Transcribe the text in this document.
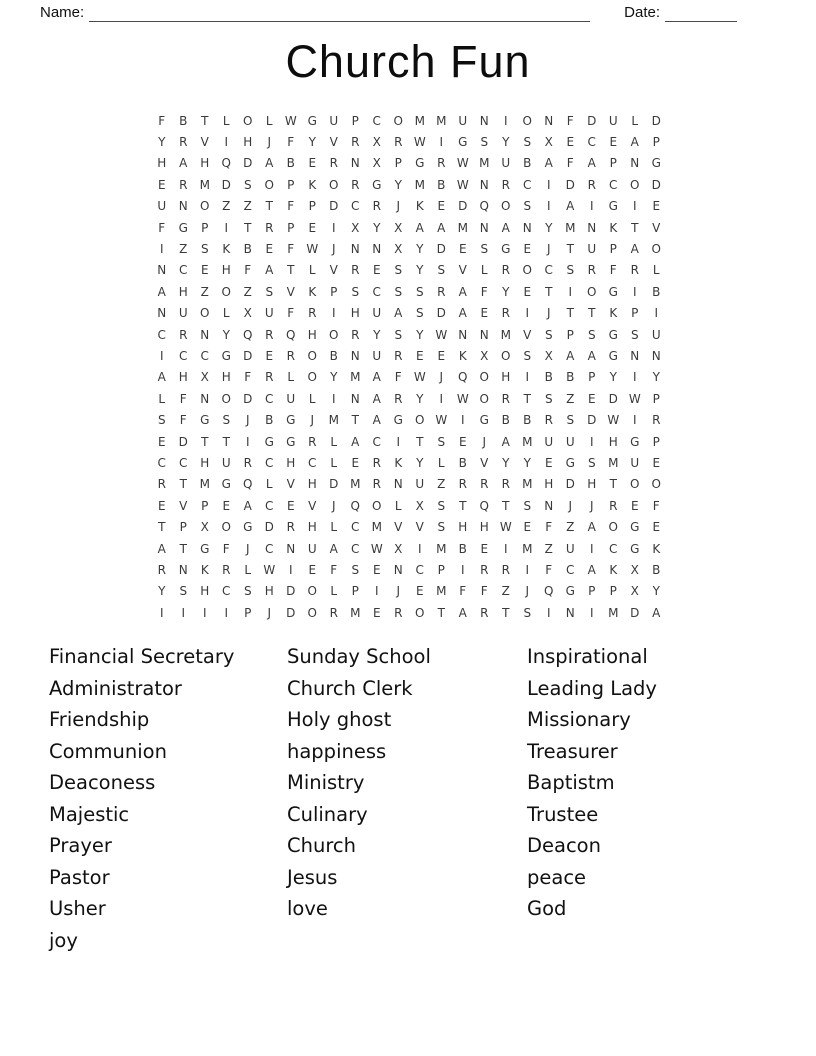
Name:	Date:
Church Fun
F	B	T	L	O	L	W G	U	P	C	O M M U	N	I	O	N	F	D	U	L	D
Y	R	V	I	H	J	F	Y	V	R	X	R W	I	G	S	Y	S	X	E	C	E	A	P
H	A	H	Q	D	A	B	E	R	N	X	P	G	R W M U	B	A	F	A	P	N	G
E	R	M D	S	O	P	K	O	R	G	Y	M	B W N	R	C	I	D	R	C	O	D
U	N	O	Z	Z	T	F	P	D	C	R	J	K	E	D	Q	O	S	I	A	I	G	I	E
F	G	P	I	T	R	P	E	I	X	Y	X	A	A	M N	A	N	Y	M N	K	T	V
I	Z	S	K	B	E	F	W	J	N	N	X	Y	D	E	S	G	E	J	T	U	P	A	O
N	C	E	H	F	A	T	L	V	R	E	S	Y	S	V	L	R	O	C	S	R	F	R	L
A	H	Z	O	Z	S	V	K	P	S	C	S	S	R	A	F	Y	E	T	I	O	G	I	B
N	U	O	L	X	U	F	R	I	H	U	A	S	D	A	E	R	I	J	T	T	K	P	I
C	R	N	Y	Q	R	Q	H	O	R	Y	S	Y W N	N M	V	S	P	S	G	S	U
I	C	C	G	D	E	R	O	B	N	U	R	E	E	K	X	O	S	X	A	A	G	N	N
A	H	X	H	F	R	L	O	Y	M	A	F	W	J	Q	O	H	I	B	B	P	Y	I	Y
L	F	N	O	D	C	U	L	I	N	A	R	Y	I	W O	R	T	S	Z	E	D W P
S	F	G	S	J	B	G	J	M	T	A	G	O W	I	G	B	B	R	S	D W	I	R
E	D	T	T	I	G	G	R	L	A	C	I	T	S	E	J	A	M U	U	I	H	G	P
C	C	H	U	R	C	H	C	L	E	R	K	Y	L	B	V	Y	Y	E	G	S	M U	E
R	T	M G	Q	L	V	H	D M	R	N	U	Z	R	R	R	M H	D	H	T	O	O
E	V	P	E	A	C	E	V	J	Q	O	L	X	S	T	Q	T	S	N	J	J	R	E	F
T	P	X	O	G	D	R	H	L	C	M	V	V	S	H	H W E	F	Z	A	O	G	E
A	T	G	F	J	C	N	U	A	C W X	I	M	B	E	I	M	Z	U	I	C	G	K
R	N	K	R	L	W	I	E	F	S	E	N	C	P	I	R	R	I	F	C	A	K	X	B
Y	S	H	C	S	H	D	O	L	P	I	J	E	M	F	F	Z	J	Q	G	P	P	X	Y
I	I	I	I	P	J	D	O	R	M	E	R	O	T	A	R	T	S	I	N	I	M D	A
Financial Secretary
Administrator
Friendship
Communion
Deaconess
Majestic
Prayer
Pastor
Usher
joy
Sunday School
Church Clerk
Holy ghost
happiness
Ministry
Culinary
Church
Jesus
love
Inspirational
Leading Lady
Missionary
Treasurer
Baptistm
Trustee
Deacon
peace
God
